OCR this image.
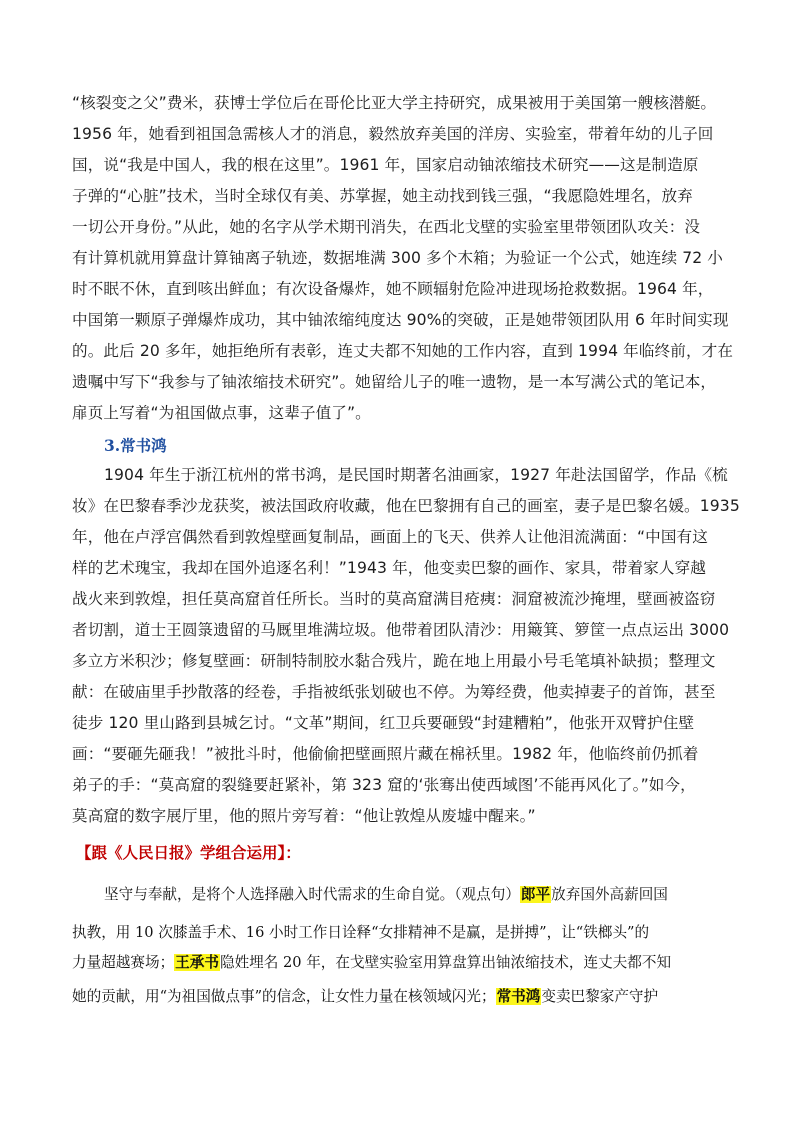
“核裂变之父”费米，获博士学位后在哥伦比亚大学主持研究，成果被用于美国第一艘核潜艇。
1956 年，她看到祖国急需核人才的消息，毅然放弃美国的洋房、实验室，带着年幼的儿子回
国，说“我是中国人，我的根在这里”。1961 年，国家启动铀浓缩技术研究——这是制造原
子弹的“心脏”技术，当时全球仅有美、苏掌握，她主动找到钱三强，“我愿隐姓埋名，放弃
一切公开身份。”从此，她的名字从学术期刊消失，在西北戈壁的实验室里带领团队攻关：没
有计算机就用算盘计算铀离子轨迹，数据堆满 300 多个木箱；为验证一个公式，她连续 72 小
时不眠不休，直到咳出鲜血；有次设备爆炸，她不顾辐射危险冲进现场抢救数据。1964 年，
中国第一颗原子弹爆炸成功，其中铀浓缩纯度达 90%的突破，正是她带领团队用 6 年时间实现
的。此后 20 多年，她拒绝所有表彰，连丈夫都不知她的工作内容，直到 1994 年临终前，才在
遗嘱中写下“我参与了铀浓缩技术研究”。她留给儿子的唯一遗物，是一本写满公式的笔记本，
扉页上写着“为祖国做点事，这辈子值了”。
3.常书鸿
1904 年生于浙江杭州的常书鸿，是民国时期著名油画家，1927 年赴法国留学，作品《梳
妆》在巴黎春季沙龙获奖，被法国政府收藏，他在巴黎拥有自己的画室，妻子是巴黎名媛。1935
年，他在卢浮宫偶然看到敦煌壁画复制品，画面上的飞天、供养人让他泪流满面：“中国有这
样的艺术瑰宝，我却在国外追逐名利！”1943 年，他变卖巴黎的画作、家具，带着家人穿越
战火来到敦煌，担任莫高窟首任所长。当时的莫高窟满目疮痍：洞窟被流沙掩埋，壁画被盗窃
者切割，道士王圆箓遗留的马厩里堆满垃圾。他带着团队清沙：用簸箕、箩筐一点点运出 3000
多立方米积沙；修复壁画：研制特制胶水黏合残片，跪在地上用最小号毛笔填补缺损；整理文
献：在破庙里手抄散落的经卷，手指被纸张划破也不停。为筹经费，他卖掉妻子的首饰，甚至
徒步 120 里山路到县城乞讨。“文革”期间，红卫兵要砸毁“封建糟粕”，他张开双臂护住壁
画：“要砸先砸我！”被批斗时，他偷偷把壁画照片藏在棉袄里。1982 年，他临终前仍抓着
弟子的手：“莫高窟的裂缝要赶紧补，第 323 窟的‘张骞出使西域图’不能再风化了。”如今，
莫高窟的数字展厅里，他的照片旁写着：“他让敦煌从废墟中醒来。”
【跟《人民日报》学组合运用】：
坚守与奉献，是将个人选择融入时代需求的生命自觉。（观点句）郎平放弃国外高薪回国
执教，用 10 次膝盖手术、16 小时工作日诠释“女排精神不是赢，是拼搏”，让“铁榔头”的
力量超越赛场；王承书隐姓埋名 20 年，在戈壁实验室用算盘算出铀浓缩技术，连丈夫都不知
她的贡献，用“为祖国做点事”的信念，让女性力量在核领域闪光；常书鸿变卖巴黎家产守护
